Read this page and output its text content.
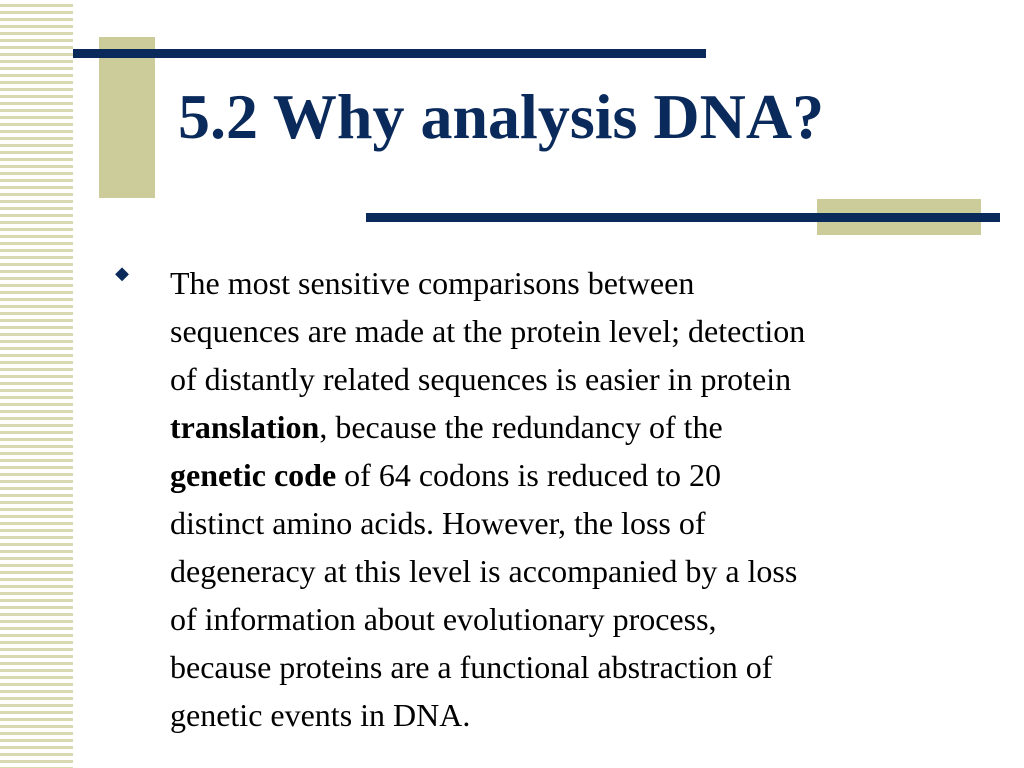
5.2 Why analysis DNA?
◆ The most sensitive comparisons between
sequences are made at the protein level; detection
of distantly related sequences is easier in protein
translation, because the redundancy of the
genetic code of 64 codons is reduced to 20
distinct amino acids. However, the loss of
degeneracy at this level is accompanied by a loss
of information about evolutionary process,
because proteins are a functional abstraction of
genetic events in DNA.
